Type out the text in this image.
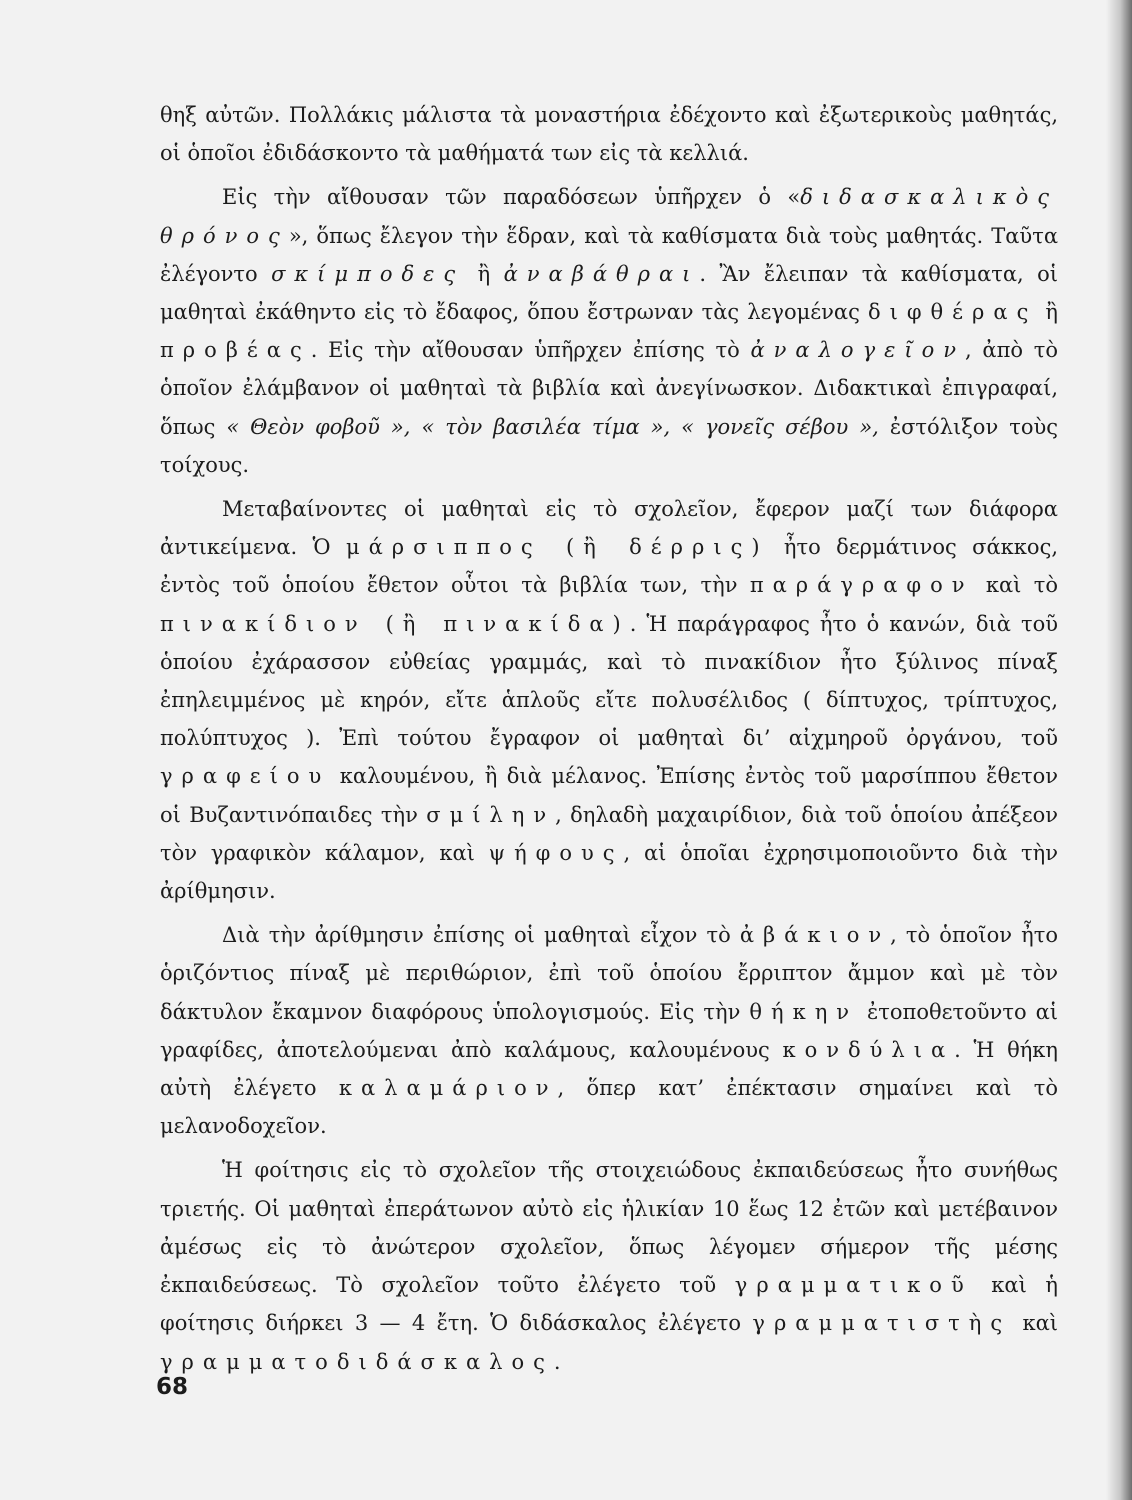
θηξ αὐτῶν. Πολλάκις μάλιστα τὰ μοναστήρια ἐδέχοντο καὶ ἐξωτερικοὺς μαθητάς, οἱ ὁποῖοι ἐδιδάσκοντο τὰ μαθήματά των εἰς τὰ κελλιά.

Εἰς τὴν αἴθουσαν τῶν παραδόσεων ὑπῆρχεν ὁ «διδασκαλικὸς θρόνος», ὅπως ἔλεγον τὴν ἕδραν, καὶ τὰ καθίσματα διὰ τοὺς μαθητάς. Ταῦτα ἐλέγοντο σκίμποδες ἢ ἀναβάθραι. Ἂν ἔλειπαν τὰ καθίσματα, οἱ μαθηταὶ ἐκάθηντο εἰς τὸ ἔδαφος, ὅπου ἔστρωναν τὰς λεγομένας διφθέρας ἢ προβέας. Εἰς τὴν αἴθουσαν ὑπῆρχεν ἐπίσης τὸ ἀναλογεῖον, ἀπὸ τὸ ὁποῖον ἐλάμβανον οἱ μαθηταὶ τὰ βιβλία καὶ ἀνεγίνωσκον. Διδακτικαὶ ἐπιγραφαί, ὅπως « Θεὸν φοβοῦ », « τὸν βασιλέα τίμα », « γονεῖς σέβου », ἐστόλιξον τοὺς τοίχους.

Μεταβαίνοντες οἱ μαθηταὶ εἰς τὸ σχολεῖον, ἔφερον μαζί των διάφορα ἀντικείμενα. Ὁ μάρσιππος (ἢ δέρρις) ἦτο δερμάτινος σάκκος, ἐντὸς τοῦ ὁποίου ἔθετον οὗτοι τὰ βιβλία των, τὴν παράγραφον καὶ τὸ πινακίδιον (ἢ πινακίδα). Ἡ παράγραφος ἦτο ὁ κανών, διὰ τοῦ ὁποίου ἐχάρασσον εὐθείας γραμμάς, καὶ τὸ πινακίδιον ἦτο ξύλινος πίναξ ἐπηλειμμένος μὲ κηρόν, εἴτε ἁπλοῦς εἴτε πολυσέλιδος ( δίπτυχος, τρίπτυχος, πολύπτυχος ). Ἐπὶ τούτου ἔγραφον οἱ μαθηταὶ δι’ αἰχμηροῦ ὀργάνου, τοῦ γραφείου καλουμένου, ἢ διὰ μέλανος. Ἐπίσης ἐντὸς τοῦ μαρσίππου ἔθετον οἱ Βυζαντινόπαιδες τὴν σμίλην, δηλαδὴ μαχαιρίδιον, διὰ τοῦ ὁποίου ἀπέξεον τὸν γραφικὸν κάλαμον, καὶ ψήφους, αἱ ὁποῖαι ἐχρησιμοποιοῦντο διὰ τὴν ἀρίθμησιν.

Διὰ τὴν ἀρίθμησιν ἐπίσης οἱ μαθηταὶ εἶχον τὸ ἀβάκιον, τὸ ὁποῖον ἦτο ὁριζόντιος πίναξ μὲ περιθώριον, ἐπὶ τοῦ ὁποίου ἔρριπτον ἄμμον καὶ μὲ τὸν δάκτυλον ἔκαμνον διαφόρους ὑπολογισμούς. Εἰς τὴν θήκην ἐτοποθετοῦντο αἱ γραφίδες, ἀποτελούμεναι ἀπὸ καλάμους, καλουμένους κονδύλια. Ἡ θήκη αὐτὴ ἐλέγετο καλαμάριον, ὅπερ κατ’ ἐπέκτασιν σημαίνει καὶ τὸ μελανοδοχεῖον.

Ἡ φοίτησις εἰς τὸ σχολεῖον τῆς στοιχειώδους ἐκπαιδεύσεως ἦτο συνήθως τριετής. Οἱ μαθηταὶ ἐπεράτωνον αὐτὸ εἰς ἡλικίαν 10 ἕως 12 ἐτῶν καὶ μετέβαινον ἀμέσως εἰς τὸ ἀνώτερον σχολεῖον, ὅπως λέγομεν σήμερον τῆς μέσης ἐκπαιδεύσεως. Τὸ σχολεῖον τοῦτο ἐλέγετο τοῦ γραμματικοῦ καὶ ἡ φοίτησις διήρκει 3 — 4 ἔτη. Ὁ διδάσκαλος ἐλέγετο γραμματιστὴς καὶ γραμματοδιδάσκαλος.

68
